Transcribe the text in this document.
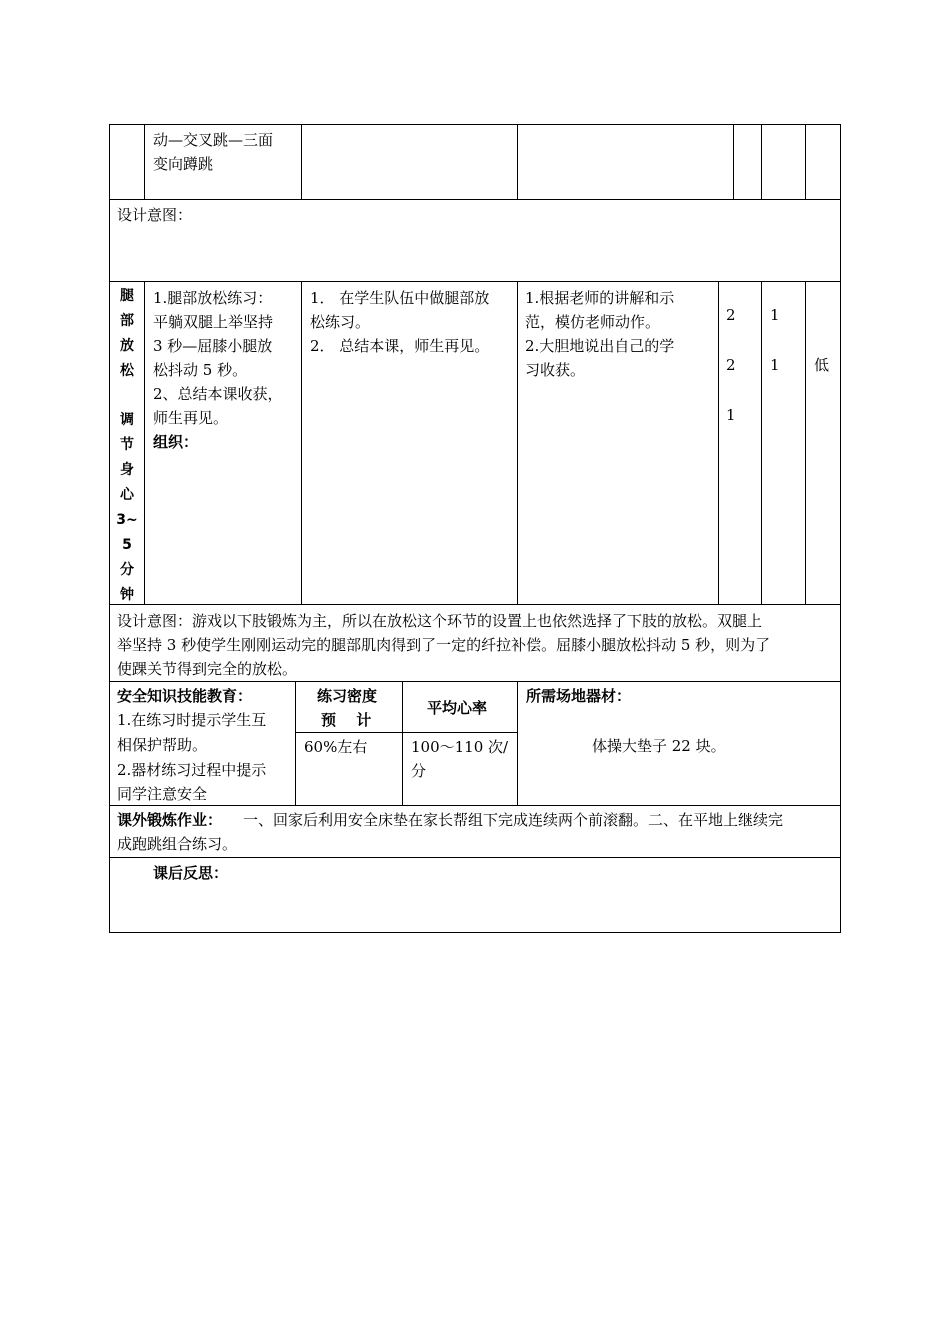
动—交叉跳—三面
变向蹲跳
设计意图：
腿
部
放
松
调
节
身
心
3~
5
分
钟
1.腿部放松练习：
平躺双腿上举坚持
3 秒—屈膝小腿放
松抖动 5 秒。
2、总结本课收获，
师生再见。
组织：
1． 在学生队伍中做腿部放
松练习。
2． 总结本课，师生再见。
1.根据老师的讲解和示
范，模仿老师动作。
2.大胆地说出自己的学
习收获。
2
2
1
1
1 低
设计意图：游戏以下肢锻炼为主，所以在放松这个环节的设置上也依然选择了下肢的放松。双腿上
举坚持 3 秒使学生刚刚运动完的腿部肌肉得到了一定的纤拉补偿。屈膝小腿放松抖动 5 秒，则为了
使踝关节得到完全的放松。
安全知识技能教育：
1.在练习时提示学生互
相保护帮助。
2.器材练习过程中提示
同学注意安全
练习密度
预　 计
60%左右
平均心率
100～110 次/
分
所需场地器材：
体操大垫子 22 块。
课外锻炼作业： 一、回家后利用安全床垫在家长帮组下完成连续两个前滚翻。二、在平地上继续完
成跑跳组合练习。
课后反思：
